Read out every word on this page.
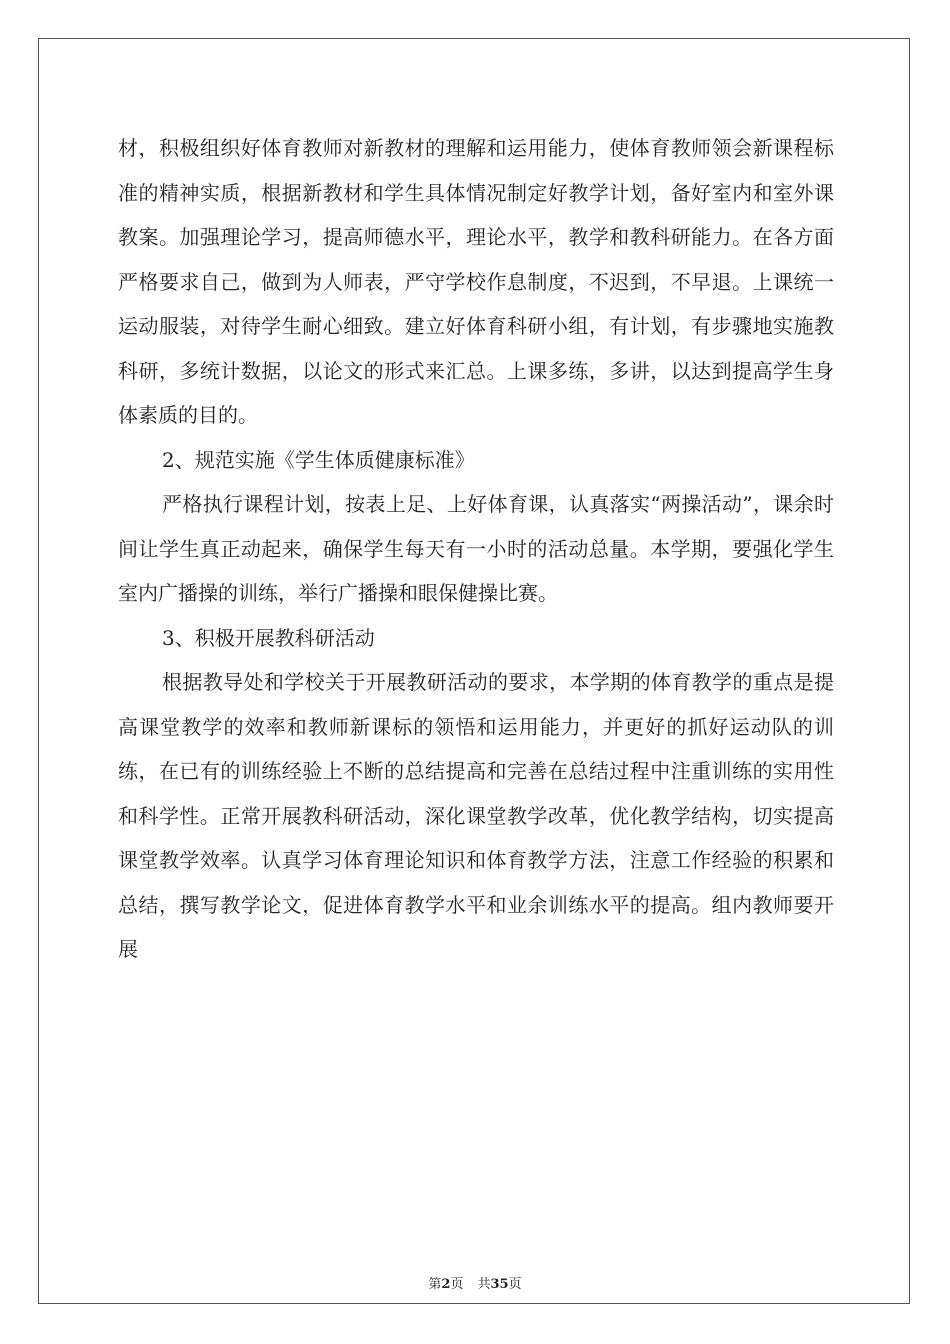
材，积极组织好体育教师对新教材的理解和运用能力，使体育教师领会新课程标准的精神实质，根据新教材和学生具体情况制定好教学计划，备好室内和室外课教案。加强理论学习，提高师德水平，理论水平，教学和教科研能力。在各方面严格要求自己，做到为人师表，严守学校作息制度，不迟到，不早退。上课统一运动服装，对待学生耐心细致。建立好体育科研小组，有计划，有步骤地实施教科研，多统计数据，以论文的形式来汇总。上课多练，多讲，以达到提高学生身体素质的目的。

2、规范实施《学生体质健康标准》

严格执行课程计划，按表上足、上好体育课，认真落实“两操活动”，课余时间让学生真正动起来，确保学生每天有一小时的活动总量。本学期，要强化学生室内广播操的训练，举行广播操和眼保健操比赛。

3、积极开展教科研活动

根据教导处和学校关于开展教研活动的要求，本学期的体育教学的重点是提高课堂教学的效率和教师新课标的领悟和运用能力，并更好的抓好运动队的训练，在已有的训练经验上不断的总结提高和完善在总结过程中注重训练的实用性和科学性。正常开展教科研活动，深化课堂教学改革，优化教学结构，切实提高课堂教学效率。认真学习体育理论知识和体育教学方法，注意工作经验的积累和总结，撰写教学论文，促进体育教学水平和业余训练水平的提高。组内教师要开展

第2页 共35页
